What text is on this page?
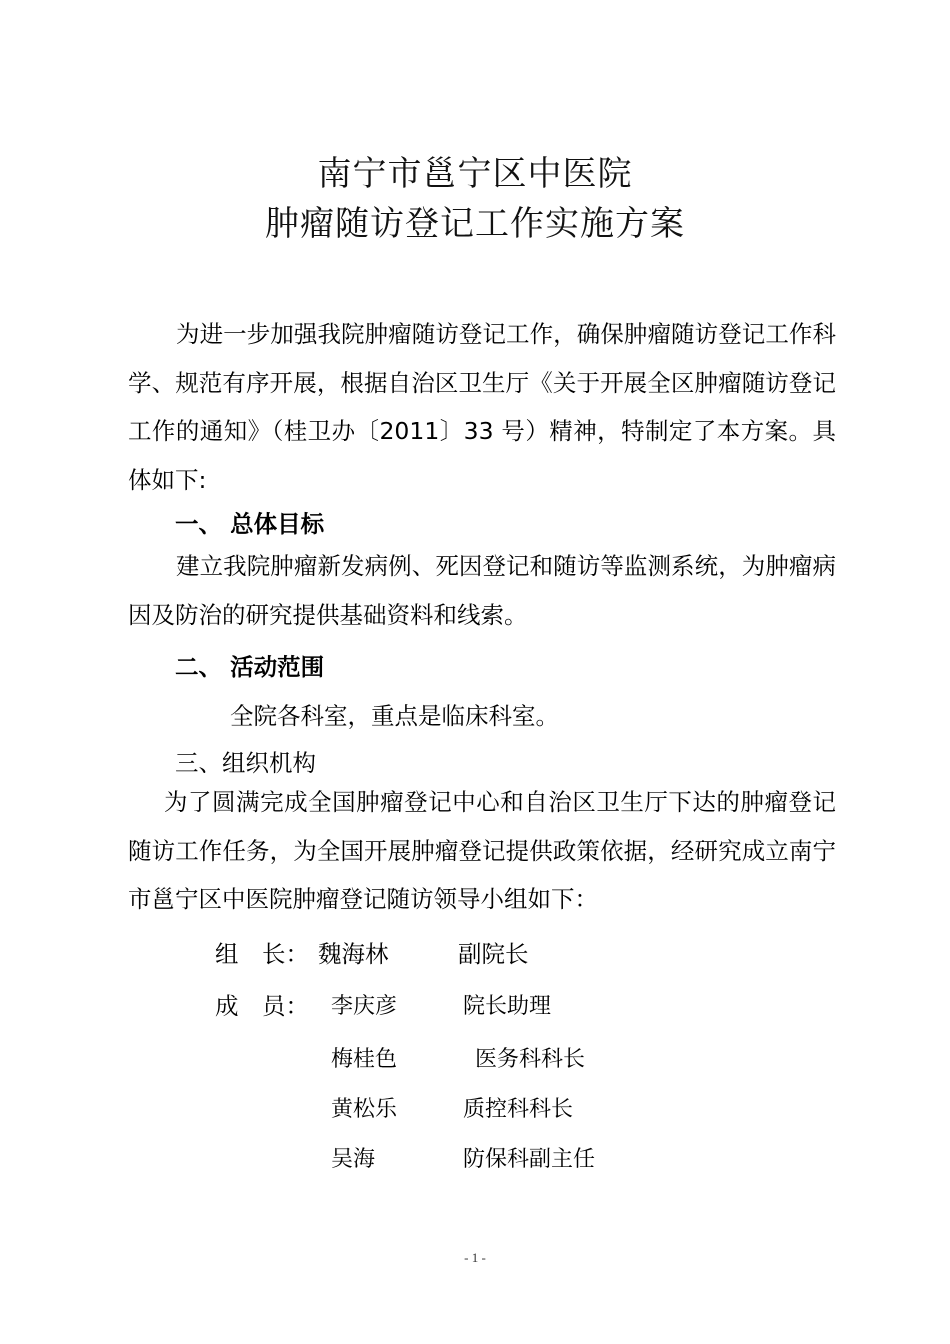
南宁市邕宁区中医院
肿瘤随访登记工作实施方案

为进一步加强我院肿瘤随访登记工作，确保肿瘤随访登记工作科学、规范有序开展，根据自治区卫生厅《关于开展全区肿瘤随访登记工作的通知》（桂卫办〔2011〕33 号）精神，特制定了本方案。具体如下:

一、 总体目标

建立我院肿瘤新发病例、死因登记和随访等监测系统，为肿瘤病因及防治的研究提供基础资料和线索。

二、 活动范围
全院各科室，重点是临床科室。
三、组织机构

为了圆满完成全国肿瘤登记中心和自治区卫生厅下达的肿瘤登记随访工作任务，为全国开展肿瘤登记提供政策依据，经研究成立南宁市邕宁区中医院肿瘤登记随访领导小组如下：

组　长： 魏海林	副院长
成　员： 李庆彦	院长助理
梅桂色	医务科科长
黄松乐	质控科科长
吴海	防保科副主任
- 1 -
